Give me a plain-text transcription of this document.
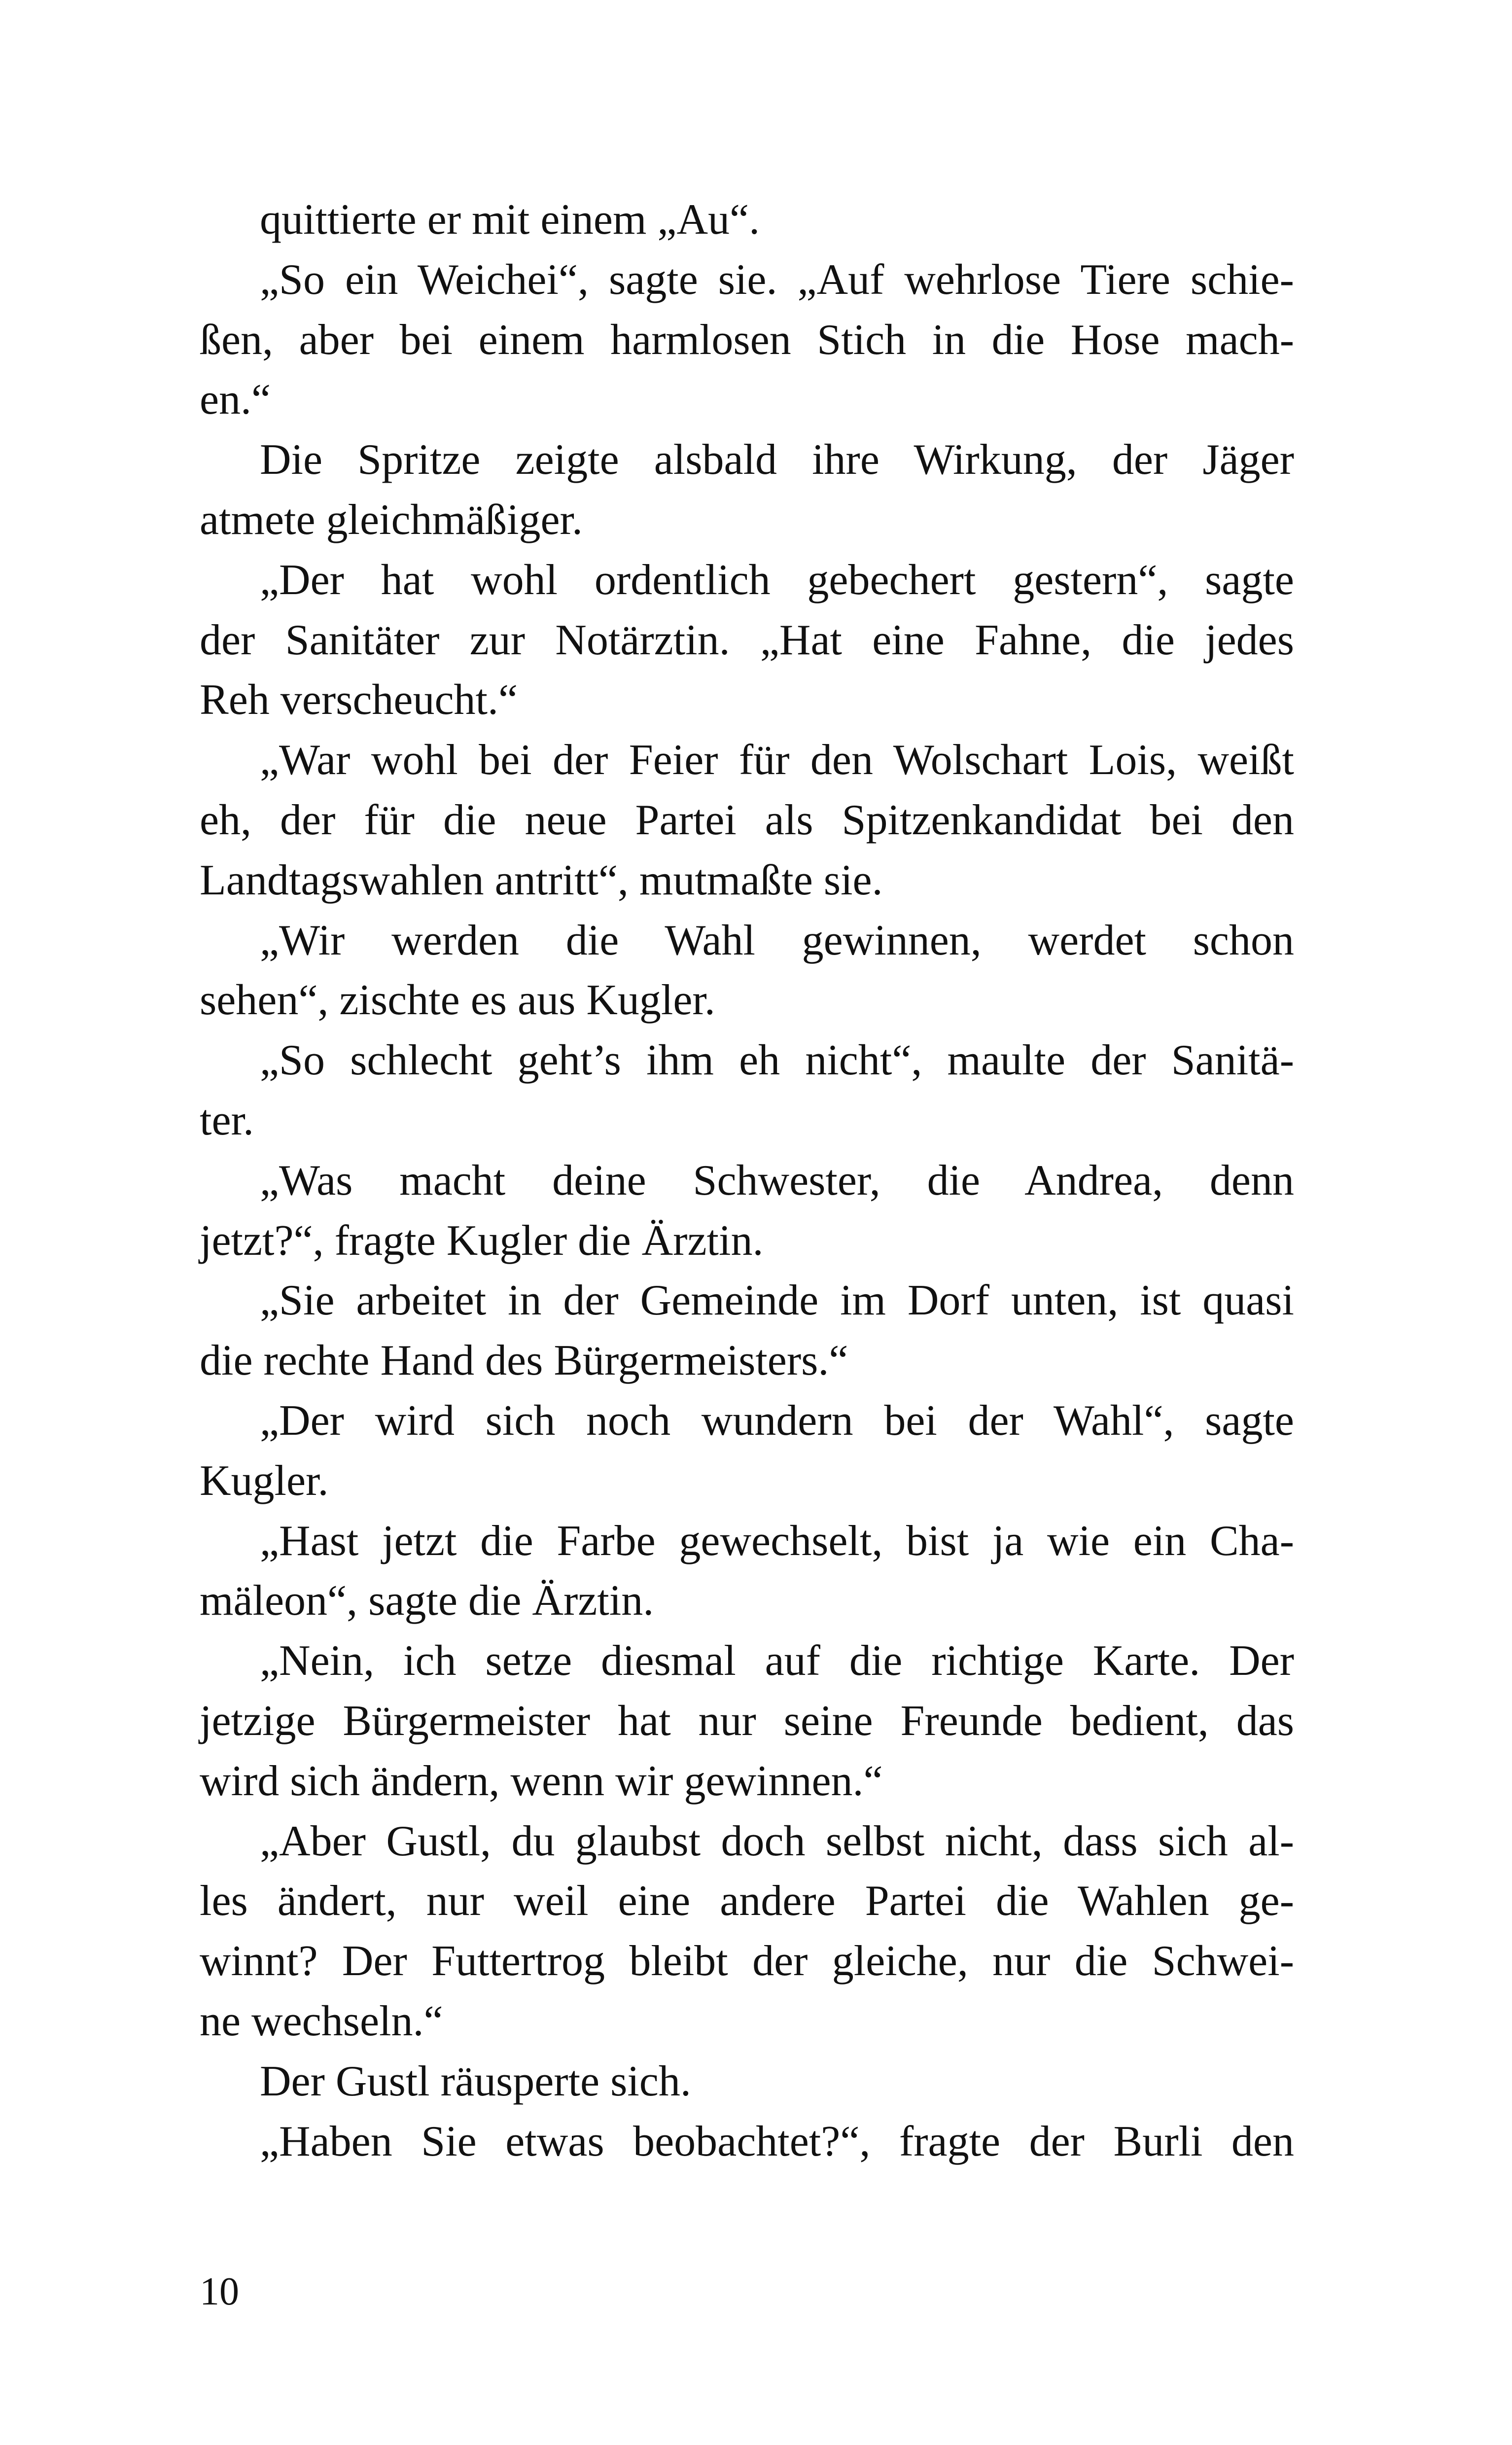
quittierte er mit einem „Au“.
„So ein Weichei“, sagte sie. „Auf wehrlose Tiere schie-
ßen, aber bei einem harmlosen Stich in die Hose mach-
en.“
Die Spritze zeigte alsbald ihre Wirkung, der Jäger
atmete gleichmäßiger.
„Der hat wohl ordentlich gebechert gestern“, sagte
der Sanitäter zur Notärztin. „Hat eine Fahne, die jedes
Reh verscheucht.“
„War wohl bei der Feier für den Wolschart Lois, weißt
eh, der für die neue Partei als Spitzenkandidat bei den
Landtagswahlen antritt“, mutmaßte sie.
„Wir werden die Wahl gewinnen, werdet schon
sehen“, zischte es aus Kugler.
„So schlecht geht’s ihm eh nicht“, maulte der Sanitä-
ter.
„Was macht deine Schwester, die Andrea, denn
jetzt?“, fragte Kugler die Ärztin.
„Sie arbeitet in der Gemeinde im Dorf unten, ist quasi
die rechte Hand des Bürgermeisters.“
„Der wird sich noch wundern bei der Wahl“, sagte
Kugler.
„Hast jetzt die Farbe gewechselt, bist ja wie ein Cha-
mäleon“, sagte die Ärztin.
„Nein, ich setze diesmal auf die richtige Karte. Der
jetzige Bürgermeister hat nur seine Freunde bedient, das
wird sich ändern, wenn wir gewinnen.“
„Aber Gustl, du glaubst doch selbst nicht, dass sich al-
les ändert, nur weil eine andere Partei die Wahlen ge-
winnt? Der Futtertrog bleibt der gleiche, nur die Schwei-
ne wechseln.“
Der Gustl räusperte sich.
„Haben Sie etwas beobachtet?“, fragte der Burli den
10
